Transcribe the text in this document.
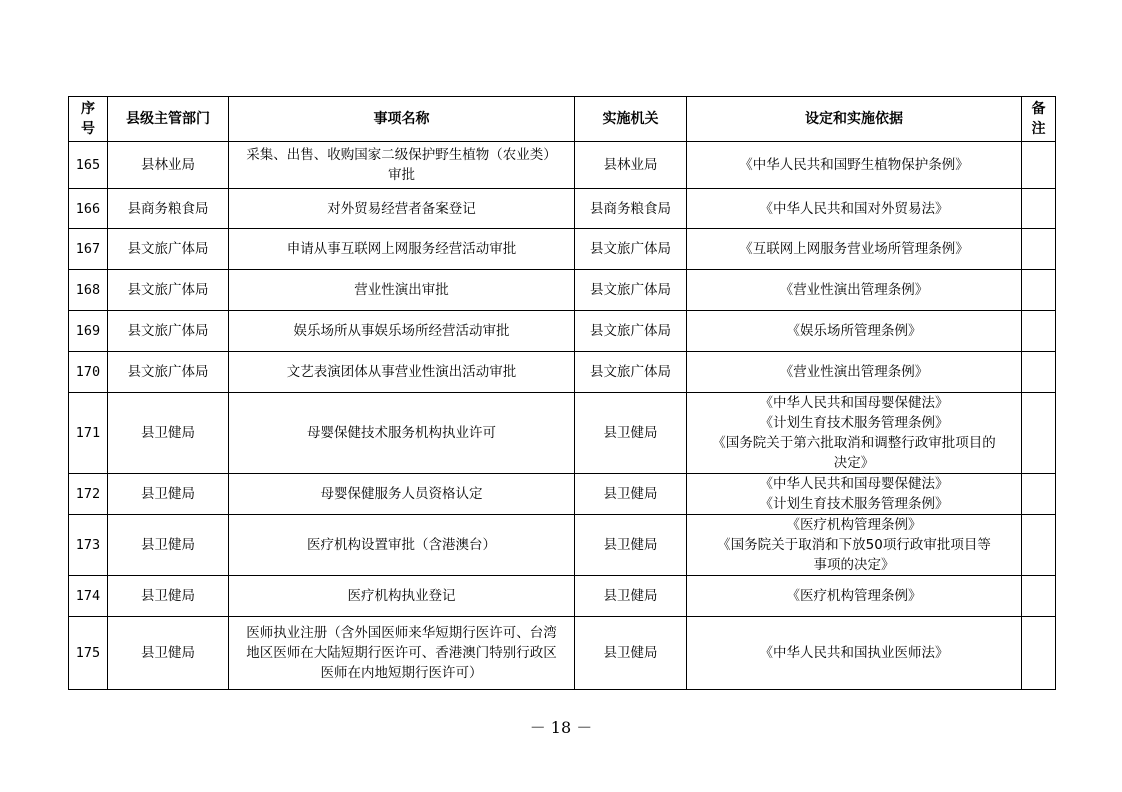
序
号	县级主管部门	事项名称	实施机关	设定和实施依据	备
注

165	县林业局	采集、出售、收购国家二级保护野生植物（农业类）
审批	县林业局	《中华人民共和国野生植物保护条例》	

166	县商务粮食局	对外贸易经营者备案登记	县商务粮食局	《中华人民共和国对外贸易法》	

167	县文旅广体局	申请从事互联网上网服务经营活动审批	县文旅广体局	《互联网上网服务营业场所管理条例》	

168	县文旅广体局	营业性演出审批	县文旅广体局	《营业性演出管理条例》	

169	县文旅广体局	娱乐场所从事娱乐场所经营活动审批	县文旅广体局	《娱乐场所管理条例》	

170	县文旅广体局	文艺表演团体从事营业性演出活动审批	县文旅广体局	《营业性演出管理条例》	

171	县卫健局	母婴保健技术服务机构执业许可	县卫健局	《中华人民共和国母婴保健法》
《计划生育技术服务管理条例》
《国务院关于第六批取消和调整行政审批项目的
决定》	

172	县卫健局	母婴保健服务人员资格认定	县卫健局	《中华人民共和国母婴保健法》
《计划生育技术服务管理条例》	

173	县卫健局	医疗机构设置审批（含港澳台）	县卫健局	《医疗机构管理条例》
《国务院关于取消和下放50项行政审批项目等
事项的决定》	

174	县卫健局	医疗机构执业登记	县卫健局	《医疗机构管理条例》	

175	县卫健局	医师执业注册（含外国医师来华短期行医许可、台湾
地区医师在大陆短期行医许可、香港澳门特别行政区
医师在内地短期行医许可）	县卫健局	《中华人民共和国执业医师法》	

－ 18 －
